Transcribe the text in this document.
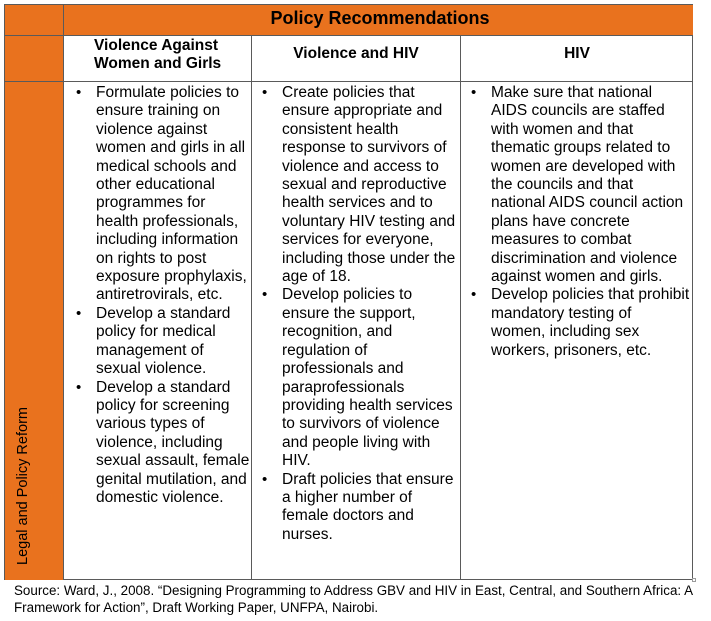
Policy Recommendations
Violence Against
Women and Girls
Violence and HIV	HIV
Legal and Policy Reform
• Formulate policies to ensure training on violence against women and girls in all medical schools and other educational programmes for health professionals, including information on rights to post exposure prophylaxis, antiretrovirals, etc.
• Develop a standard policy for medical management of sexual violence.
• Develop a standard policy for screening various types of violence, including sexual assault, female genital mutilation, and domestic violence.
• Create policies that ensure appropriate and consistent health response to survivors of violence and access to sexual and reproductive health services and to voluntary HIV testing and services for everyone, including those under the age of 18.
• Develop policies to ensure the support, recognition, and regulation of professionals and paraprofessionals providing health services to survivors of violence and people living with HIV.
• Draft policies that ensure a higher number of female doctors and nurses.
• Make sure that national AIDS councils are staffed with women and that thematic groups related to women are developed with the councils and that national AIDS council action plans have concrete measures to combat discrimination and violence against women and girls.
• Develop policies that prohibit mandatory testing of women, including sex workers, prisoners, etc.
Source: Ward, J., 2008. “Designing Programming to Address GBV and HIV in East, Central, and Southern Africa: A Framework for Action”, Draft Working Paper, UNFPA, Nairobi.
